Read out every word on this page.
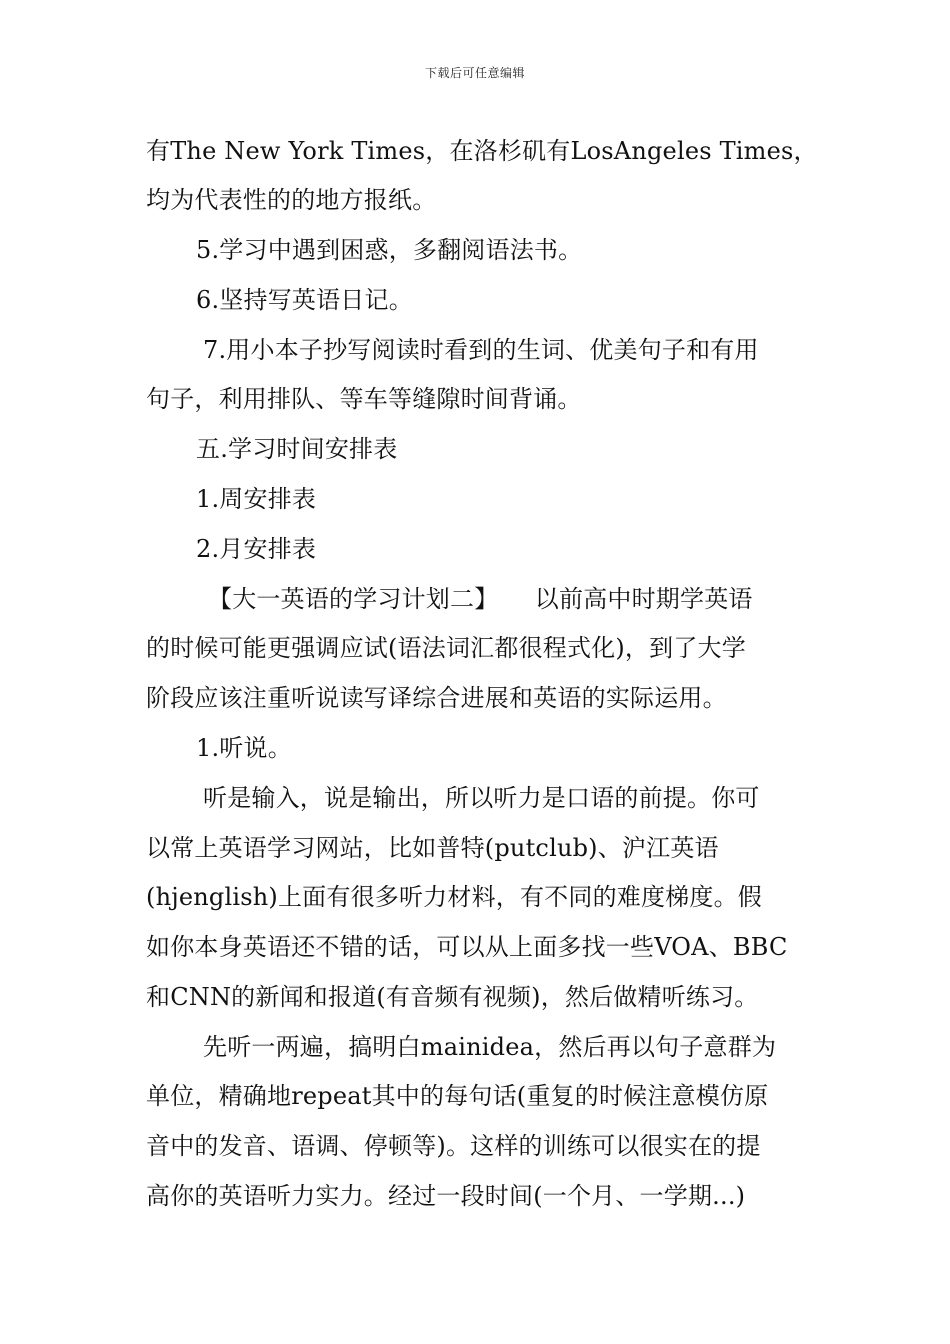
下载后可任意编辑
有The New York Times，在洛杉矶有LosAngeles Times，
均为代表性的的地方报纸。
5.学习中遇到困惑，多翻阅语法书。
6.坚持写英语日记。
7.用小本子抄写阅读时看到的生词、优美句子和有用
句子，利用排队、等车等缝隙时间背诵。
五.学习时间安排表
1.周安排表
2.月安排表
【大一英语的学习计划二】　　以前高中时期学英语
的时候可能更强调应试(语法词汇都很程式化)，到了大学
阶段应该注重听说读写译综合进展和英语的实际运用。
1.听说。
听是输入，说是输出，所以听力是口语的前提。你可
以常上英语学习网站，比如普特(putclub)、沪江英语
(hjenglish)上面有很多听力材料，有不同的难度梯度。假
如你本身英语还不错的话，可以从上面多找一些VOA、BBC
和CNN的新闻和报道(有音频有视频)，然后做精听练习。
先听一两遍，搞明白mainidea，然后再以句子意群为
单位，精确地repeat其中的每句话(重复的时候注意模仿原
音中的发音、语调、停顿等)。这样的训练可以很实在的提
高你的英语听力实力。经过一段时间(一个月、一学期...)
